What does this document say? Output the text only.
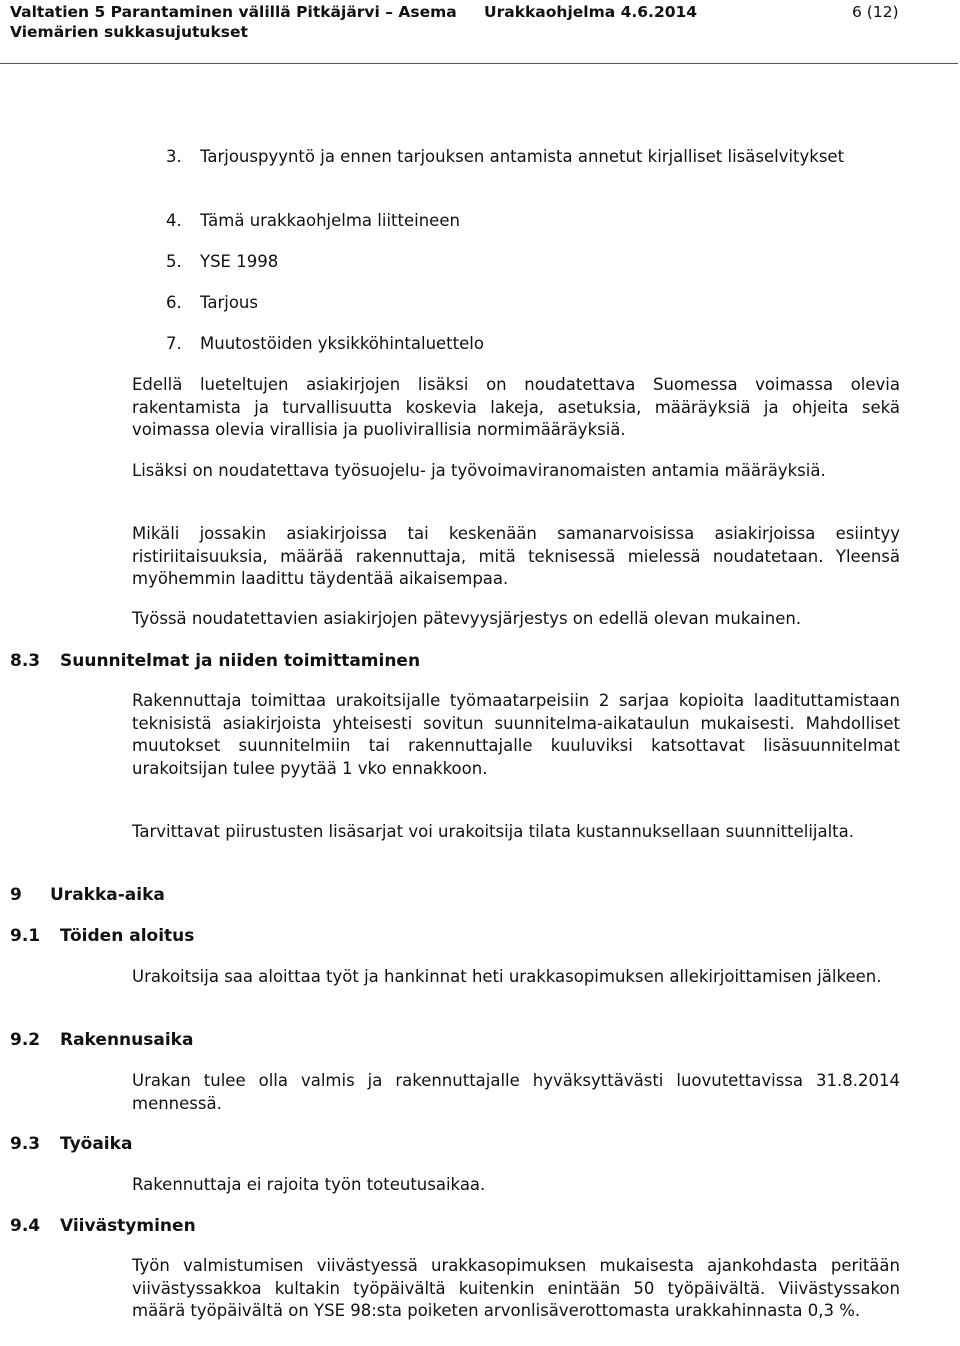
Valtatien 5 Parantaminen välillä Pitkäjärvi – Asema
Viemärien sukkasujutukset
Urakkaohjelma 4.6.2014	6 (12)
3. Tarjouspyyntö ja ennen tarjouksen antamista annetut kirjalliset lisäselvitykset
4. Tämä urakkaohjelma liitteineen
5. YSE 1998
6. Tarjous
7. Muutostöiden yksikköhintaluettelo
Edellä lueteltujen asiakirjojen lisäksi on noudatettava Suomessa voimassa olevia rakentamista ja turvallisuutta koskevia lakeja, asetuksia, määräyksiä ja ohjeita sekä voimassa olevia virallisia ja puolivirallisia normimääräyksiä.
Lisäksi on noudatettava työsuojelu- ja työvoimaviranomaisten antamia määräyksiä.
Mikäli jossakin asiakirjoissa tai keskenään samanarvoisissa asiakirjoissa esiintyy ristiriitaisuuksia, määrää rakennuttaja, mitä teknisessä mielessä noudatetaan. Yleensä myöhemmin laadittu täydentää aikaisempaa.
Työssä noudatettavien asiakirjojen pätevyysjärjestys on edellä olevan mukainen.
8.3 Suunnitelmat ja niiden toimittaminen
Rakennuttaja toimittaa urakoitsijalle työmaatarpeisiin 2 sarjaa kopioita laadituttamistaan teknisistä asiakirjoista yhteisesti sovitun suunnitelma-aikataulun mukaisesti. Mahdolliset muutokset suunnitelmiin tai rakennuttajalle kuuluviksi katsottavat lisäsuunnitelmat urakoitsijan tulee pyytää 1 vko ennakkoon.
Tarvittavat piirustusten lisäsarjat voi urakoitsija tilata kustannuksellaan suunnittelijalta.
9 Urakka-aika
9.1 Töiden aloitus
Urakoitsija saa aloittaa työt ja hankinnat heti urakkasopimuksen allekirjoittamisen jälkeen.
9.2 Rakennusaika
Urakan tulee olla valmis ja rakennuttajalle hyväksyttävästi luovutettavissa 31.8.2014 mennessä.
9.3 Työaika
Rakennuttaja ei rajoita työn toteutusaikaa.
9.4 Viivästyminen
Työn valmistumisen viivästyessä urakkasopimuksen mukaisesta ajankohdasta peritään viivästyssakkoa kultakin työpäivältä kuitenkin enintään 50 työpäivältä. Viivästyssakon määrä työpäivältä on YSE 98:sta poiketen arvonlisäverottomasta urakkahinnasta 0,3 %.
